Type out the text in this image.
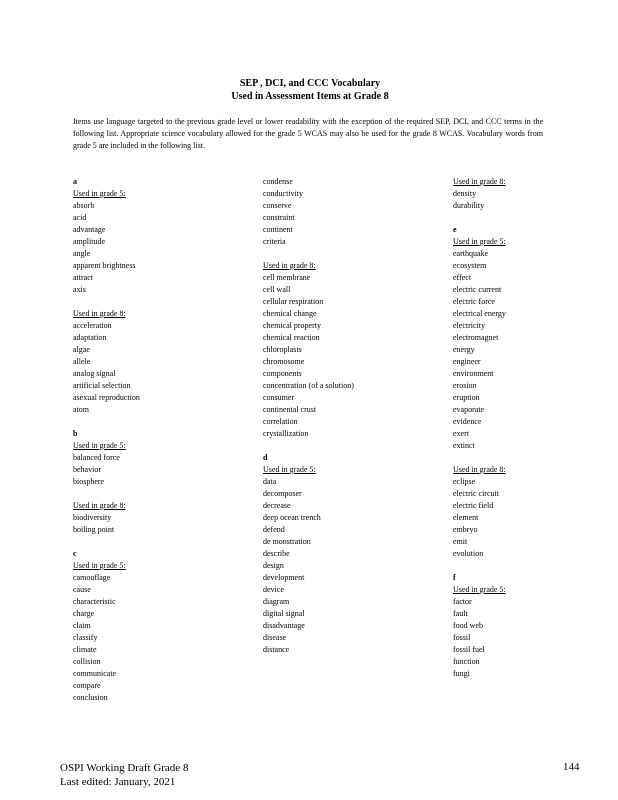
SEP , DCI, and CCC Vocabulary
Used in Assessment Items at Grade 8
Items use language targeted to the previous grade level or lower readability with the exception of the required SEP, DCI, and CCC terms in the following list. Appropriate science vocabulary allowed for the grade 5 WCAS may also be used for the grade 8 WCAS. Vocabulary words from grade 5 are included in the following list.
a
Used in grade 5:
absorb
acid
advantage
amplitude
angle
apparent brightness
attract
axis
Used in grade 8:
acceleration
adaptation
algae
allele
analog signal
artificial selection
asexual reproduction
atom
b
Used in grade 5:
balanced force
behavior
biosphere
Used in grade 8:
biodiversity
boiling point
c
Used in grade 5:
camouflage
cause
characteristic
charge
claim
classify
climate
collision
communicate
compare
conclusion
condense
conductivity
conserve
constraint
continent
criteria
Used in grade 8:
cell membrane
cell wall
cellular respiration
chemical change
chemical property
chemical reaction
chloroplasts
chromosome
components
concentration (of a solution)
consumer
continental crust
correlation
crystallization
d
Used in grade 5:
data
decomposer
decrease
deep ocean trench
defend
de monstration
describe
design
development
device
diagram
digital signal
disadvantage
disease
distance
Used in grade 8:
density
durability
e
Used in grade 5:
earthquake
ecosystem
effect
electric current
electric force
electrical energy
electricity
electromagnet
energy
engineer
environment
erosion
eruption
evaporate
evidence
exert
extinct
Used in grade 8:
eclipse
electric circuit
electric field
element
embryo
emit
evolution
f
Used in grade 5:
factor
fault
food web
fossil
fossil fuel
function
fungi
OSPI Working Draft Grade 8
Last edited: January, 2021
144
